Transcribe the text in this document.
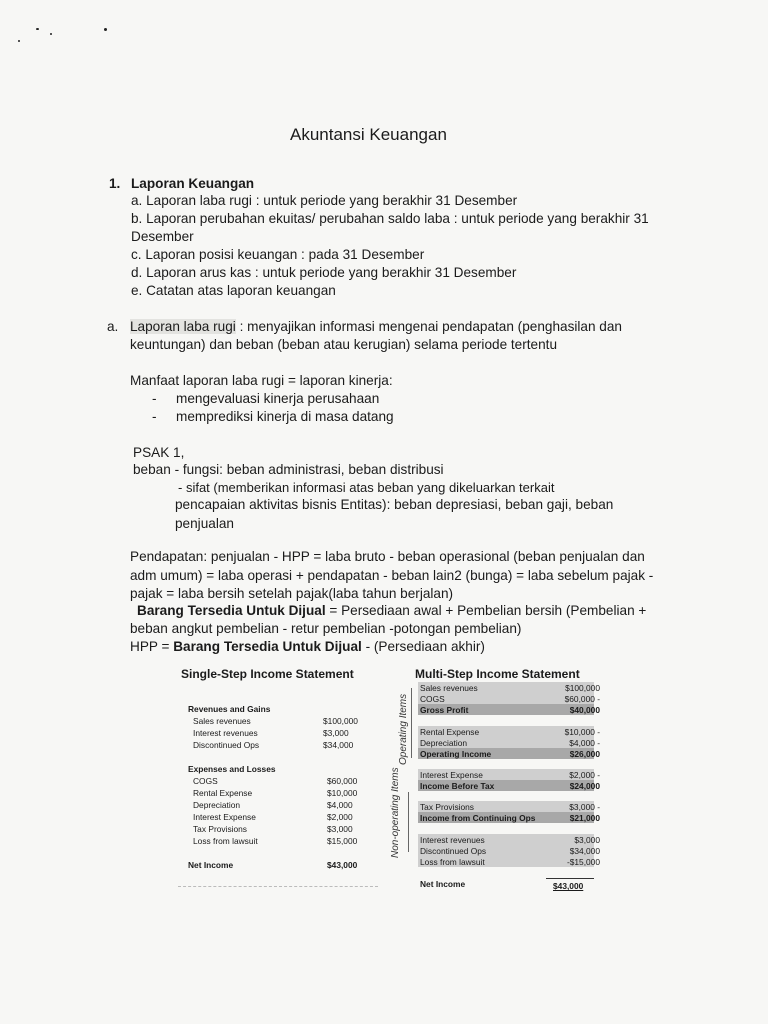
Akuntansi Keuangan
1. Laporan Keuangan
a. Laporan laba rugi : untuk periode yang berakhir 31 Desember
b. Laporan perubahan ekuitas/ perubahan saldo laba : untuk periode yang berakhir 31
Desember
c. Laporan posisi keuangan : pada 31 Desember
d. Laporan arus kas : untuk periode yang berakhir 31 Desember
e. Catatan atas laporan keuangan
a. Laporan laba rugi : menyajikan informasi mengenai pendapatan (penghasilan dan
keuntungan) dan beban (beban atau kerugian) selama periode tertentu
Manfaat laporan laba rugi = laporan kinerja:
- mengevaluasi kinerja perusahaan
- memprediksi kinerja di masa datang
PSAK 1,
beban - fungsi: beban administrasi, beban distribusi
- sifat (memberikan informasi atas beban yang dikeluarkan terkait
pencapaian aktivitas bisnis Entitas): beban depresiasi, beban gaji, beban
penjualan
Pendapatan: penjualan - HPP = laba bruto - beban operasional (beban penjualan dan
adm umum) = laba operasi + pendapatan - beban lain2 (bunga) = laba sebelum pajak -
pajak = laba bersih setelah pajak(laba tahun berjalan)
Barang Tersedia Untuk Dijual = Persediaan awal + Pembelian bersih (Pembelian +
beban angkut pembelian - retur pembelian -potongan pembelian)
HPP = Barang Tersedia Untuk Dijual - (Persediaan akhir)
Single-Step Income Statement
Revenues and Gains
Sales revenues	$100,000
Interest revenues	$3,000
Discontinued Ops	$34,000
Expenses and Losses
COGS	$60,000
Rental Expense	$10,000
Depreciation	$4,000
Interest Expense	$2,000
Tax Provisions	$3,000
Loss from lawsuit	$15,000
Net Income	$43,000
Multi-Step Income Statement
Operating Items
Non-operating Items
Sales revenues	$100,000
COGS	$60,000 -
Gross Profit	$40,000
Rental Expense	$10,000 -
Depreciation	$4,000 -
Operating Income	$26,000
Interest Expense	$2,000 -
Income Before Tax	$24,000
Tax Provisions	$3,000 -
Income from Continuing Ops	$21,000
Interest revenues	$3,000
Discontinued Ops	$34,000
Loss from lawsuit	-$15,000
Net Income	$43,000
